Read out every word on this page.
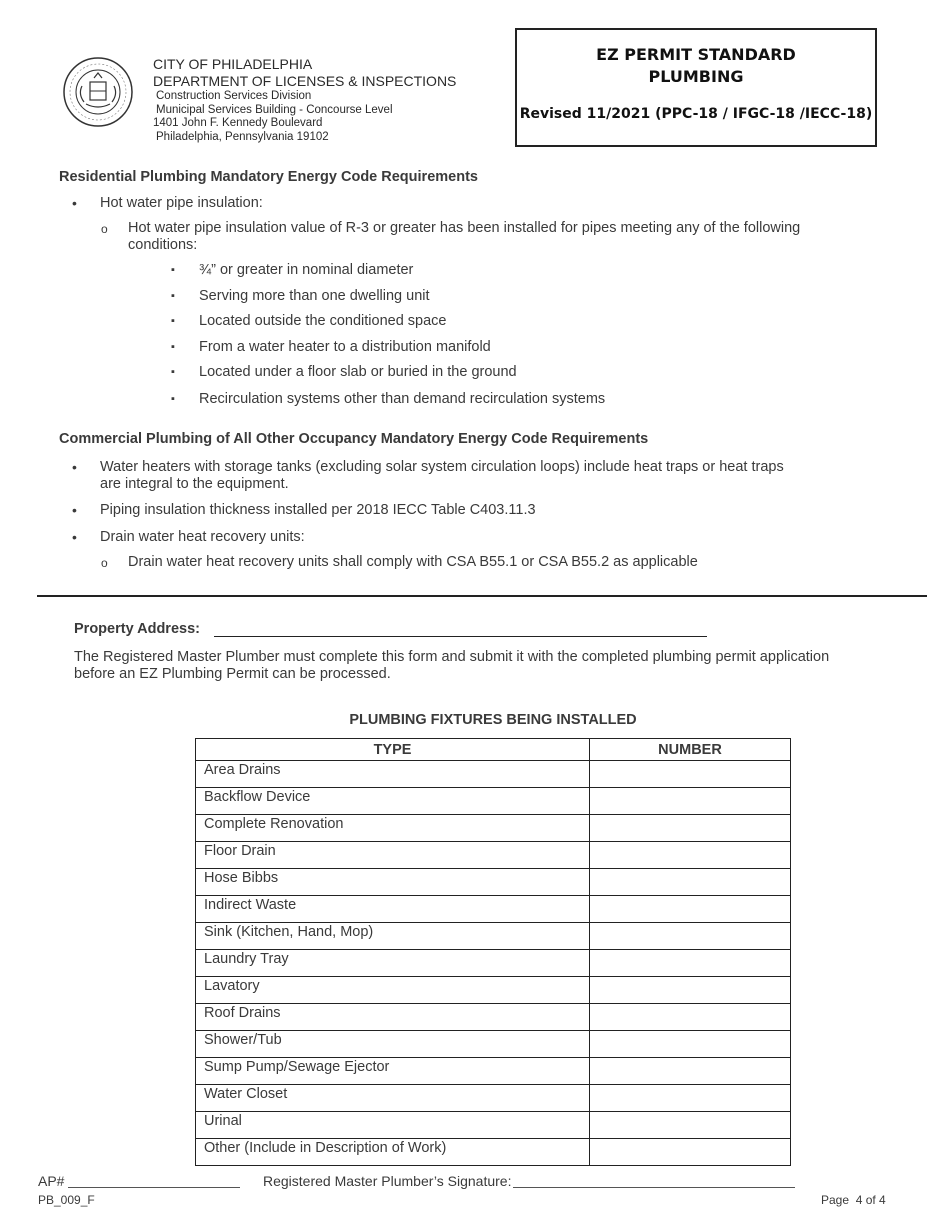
CITY OF PHILADELPHIA
DEPARTMENT OF LICENSES & INSPECTIONS
Construction Services Division
Municipal Services Building - Concourse Level
1401 John F. Kennedy Boulevard
Philadelphia, Pennsylvania 19102
EZ PERMIT STANDARD
PLUMBING
Revised 11/2021 (PPC-18 / IFGC-18 /IECC-18)
Residential Plumbing Mandatory Energy Code Requirements
• Hot water pipe insulation:
o Hot water pipe insulation value of R-3 or greater has been installed for pipes meeting any of the following
conditions:
▪ ¾” or greater in nominal diameter
▪ Serving more than one dwelling unit
▪ Located outside the conditioned space
▪ From a water heater to a distribution manifold
▪ Located under a floor slab or buried in the ground
▪ Recirculation systems other than demand recirculation systems
Commercial Plumbing of All Other Occupancy Mandatory Energy Code Requirements
• Water heaters with storage tanks (excluding solar system circulation loops) include heat traps or heat traps
are integral to the equipment.
• Piping insulation thickness installed per 2018 IECC Table C403.11.3
• Drain water heat recovery units:
o Drain water heat recovery units shall comply with CSA B55.1 or CSA B55.2 as applicable
Property Address:
The Registered Master Plumber must complete this form and submit it with the completed plumbing permit application
before an EZ Plumbing Permit can be processed.
PLUMBING FIXTURES BEING INSTALLED
TYPE	NUMBER
Area Drains	
Backflow Device	
Complete Renovation	
Floor Drain	
Hose Bibbs	
Indirect Waste	
Sink (Kitchen, Hand, Mop)	
Laundry Tray	
Lavatory	
Roof Drains	
Shower/Tub	
Sump Pump/Sewage Ejector	
Water Closet	
Urinal	
Other (Include in Description of Work)	
AP#	Registered Master Plumber’s Signature:
PB_009_F	Page  4 of 4
